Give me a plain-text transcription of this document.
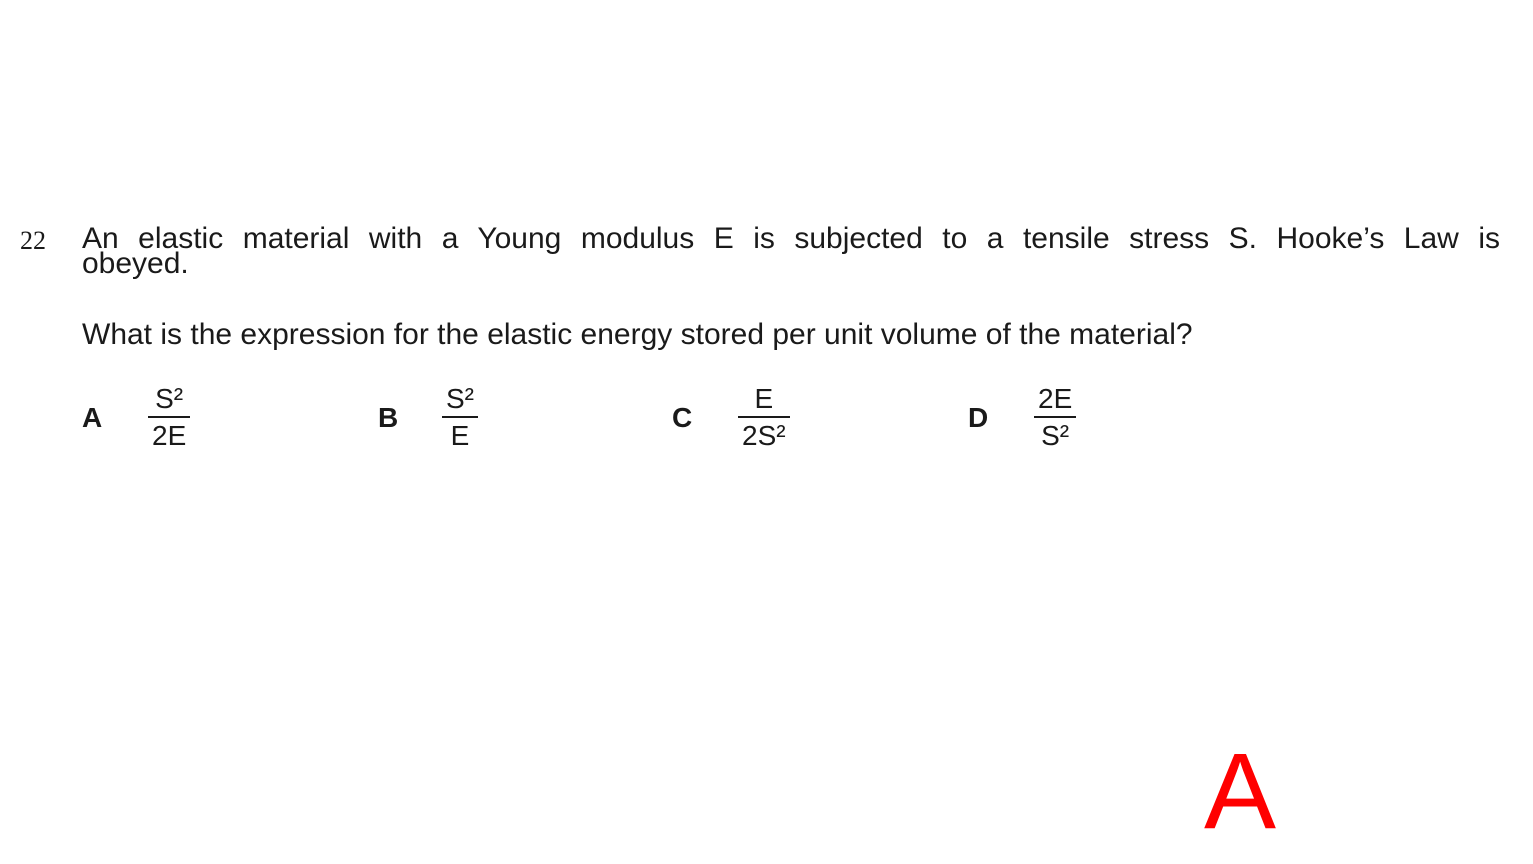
22 An elastic material with a Young modulus E is subjected to a tensile stress S. Hooke’s Law is
obeyed.
What is the expression for the elastic energy stored per unit volume of the material?
A
S²
2E
B
S²
E
C
E
2S²
D
2E
S²
A
